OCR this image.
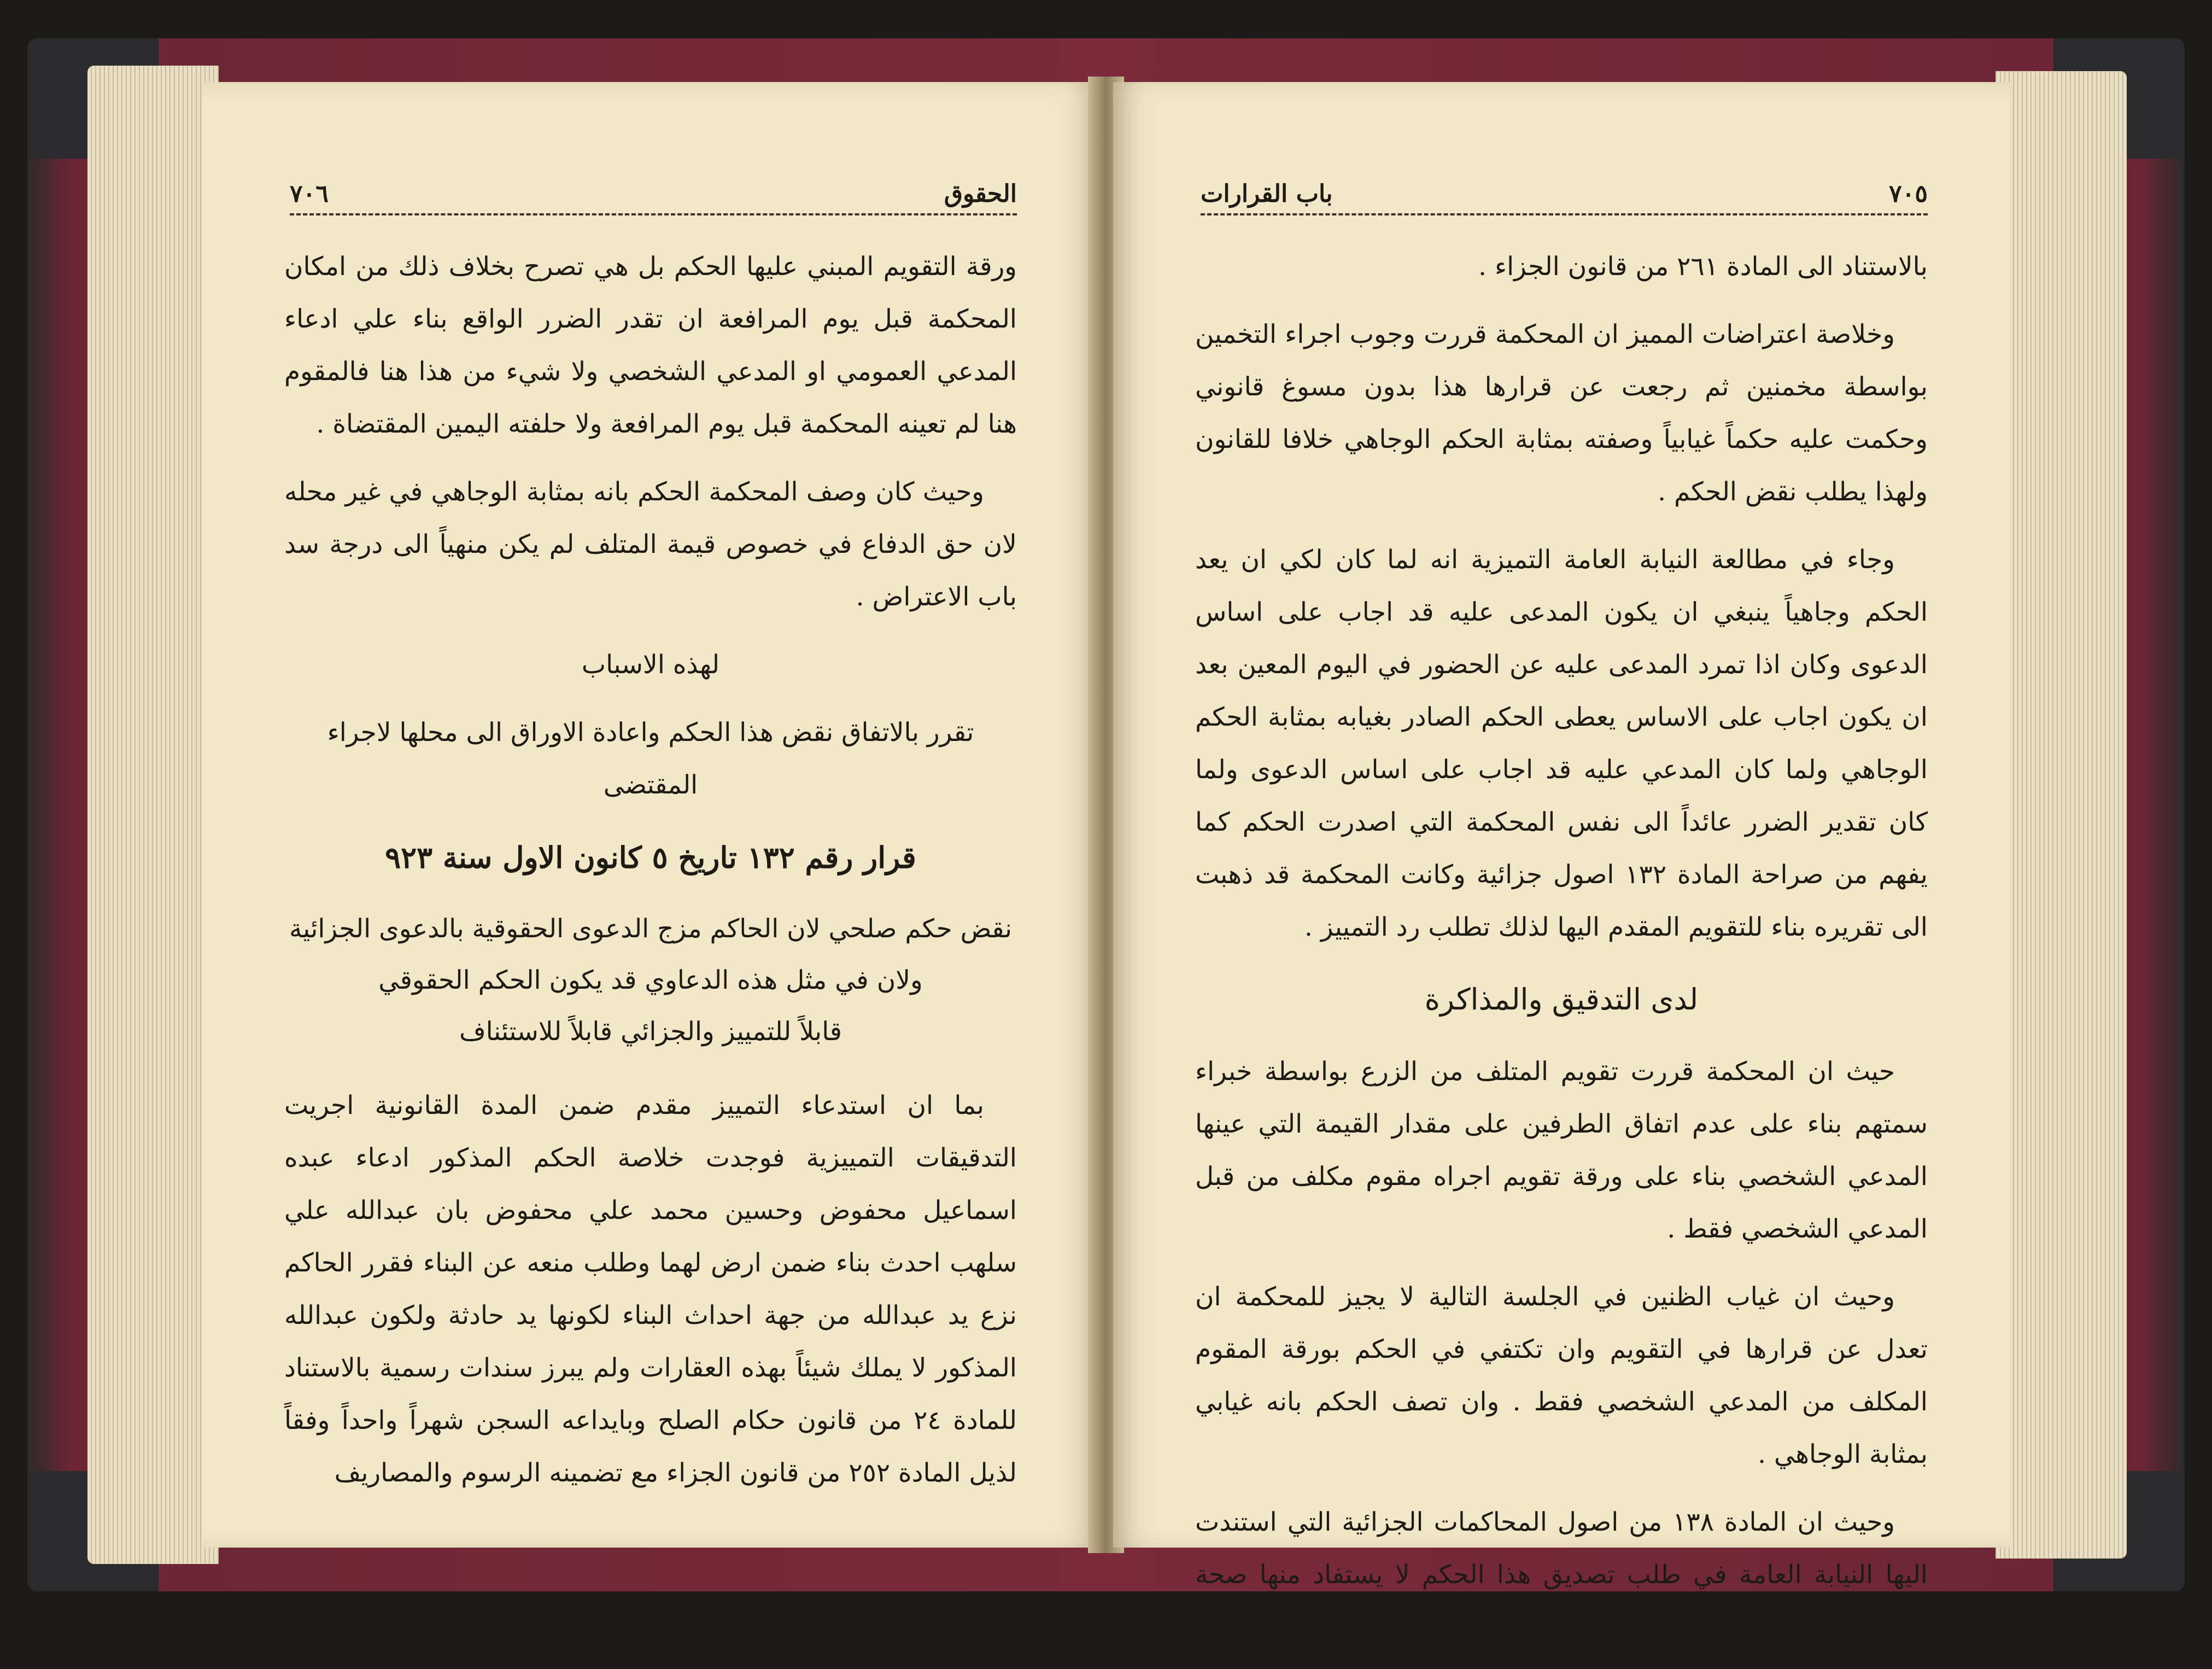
الحقوق
٧٠٦

ورقة التقويم المبني عليها الحكم بل هي تصرح بخلاف ذلك من امكان المحكمة قبل يوم المرافعة ان تقدر الضرر الواقع بناء علي ادعاء المدعي العمومي او المدعي الشخصي ولا شيء من هذا هنا فالمقوم هنا لم تعينه المحكمة قبل يوم المرافعة ولا حلفته اليمين المقتضاة .

وحيث كان وصف المحكمة الحكم بانه بمثابة الوجاهي في غير محله لان حق الدفاع في خصوص قيمة المتلف لم يكن منهياً الى درجة سد باب الاعتراض .

لهذه الاسباب

تقرر بالاتفاق نقض هذا الحكم واعادة الاوراق الى محلها لاجراء المقتضى

قرار رقم ١٣٢ تاريخ ٥ كانون الاول سنة ٩٢٣

نقض حكم صلحي لان الحاكم مزج الدعوى الحقوقية بالدعوى الجزائية
ولان في مثل هذه الدعاوي قد يكون الحكم الحقوقي
قابلاً للتمييز والجزائي قابلاً للاستئناف

بما ان استدعاء التمييز مقدم ضمن المدة القانونية اجريت التدقيقات التمييزية فوجدت خلاصة الحكم المذكور ادعاء عبده اسماعيل محفوض وحسين محمد علي محفوض بان عبدالله علي سلهب احدث بناء ضمن ارض لهما وطلب منعه عن البناء فقرر الحاكم نزع يد عبدالله من جهة احداث البناء لكونها يد حادثة ولكون عبدالله المذكور لا يملك شيئاً بهذه العقارات ولم يبرز سندات رسمية بالاستناد للمادة ٢٤ من قانون حكام الصلح وبايداعه السجن شهراً واحداً وفقاً لذيل المادة ٢٥٢ من قانون الجزاء مع تضمينه الرسوم والمصاريف

٧٠٥
باب القرارات

بالاستناد الى المادة ٢٦١ من قانون الجزاء .

وخلاصة اعتراضات المميز ان المحكمة قررت وجوب اجراء التخمين بواسطة مخمنين ثم رجعت عن قرارها هذا بدون مسوغ قانوني وحكمت عليه حكماً غيابياً وصفته بمثابة الحكم الوجاهي خلافا للقانون ولهذا يطلب نقض الحكم .

وجاء في مطالعة النيابة العامة التميزية انه لما كان لكي ان يعد الحكم وجاهياً ينبغي ان يكون المدعى عليه قد اجاب على اساس الدعوى وكان اذا تمرد المدعى عليه عن الحضور في اليوم المعين بعد ان يكون اجاب على الاساس يعطى الحكم الصادر بغيابه بمثابة الحكم الوجاهي ولما كان المدعي عليه قد اجاب على اساس الدعوى ولما كان تقدير الضرر عائداً الى نفس المحكمة التي اصدرت الحكم كما يفهم من صراحة المادة ١٣٢ اصول جزائية وكانت المحكمة قد ذهبت الى تقريره بناء للتقويم المقدم اليها لذلك تطلب رد التمييز .

لدى التدقيق والمذاكرة

حيث ان المحكمة قررت تقويم المتلف من الزرع بواسطة خبراء سمتهم بناء على عدم اتفاق الطرفين على مقدار القيمة التي عينها المدعي الشخصي بناء على ورقة تقويم اجراه مقوم مكلف من قبل المدعي الشخصي فقط .

وحيث ان غياب الظنين في الجلسة التالية لا يجيز للمحكمة ان تعدل عن قرارها في التقويم وان تكتفي في الحكم بورقة المقوم المكلف من المدعي الشخصي فقط . وان تصف الحكم بانه غيابي بمثابة الوجاهي .

وحيث ان المادة ١٣٨ من اصول المحاكمات الجزائية التي استندت اليها النيابة العامة في طلب تصديق هذا الحكم لا يستفاد منها صحة الاستناد الي مثل
